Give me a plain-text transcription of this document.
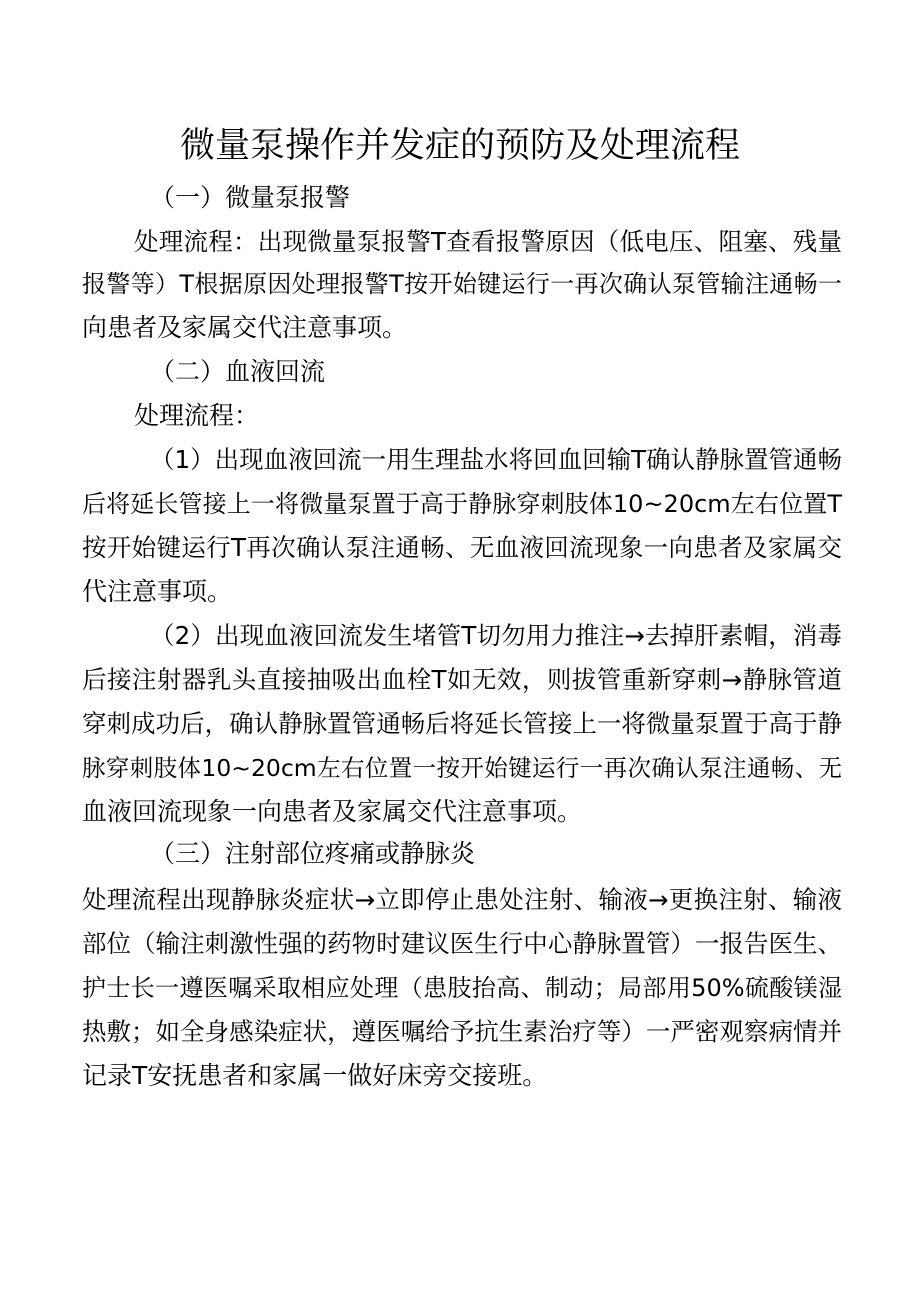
微量泵操作并发症的预防及处理流程
（一）微量泵报警
处理流程：出现微量泵报警T查看报警原因（低电压、阻塞、残量
报警等）T根据原因处理报警T按开始键运行一再次确认泵管输注通畅一
向患者及家属交代注意事项。
（二）血液回流
处理流程：
（1）出现血液回流一用生理盐水将回血回输T确认静脉置管通畅
后将延长管接上一将微量泵置于高于静脉穿刺肢体10~20cm左右位置T
按开始键运行T再次确认泵注通畅、无血液回流现象一向患者及家属交
代注意事项。
（2）出现血液回流发生堵管T切勿用力推注→去掉肝素帽，消毒
后接注射器乳头直接抽吸出血栓T如无效，则拔管重新穿刺→静脉管道
穿刺成功后，确认静脉置管通畅后将延长管接上一将微量泵置于高于静
脉穿刺肢体10~20cm左右位置一按开始键运行一再次确认泵注通畅、无
血液回流现象一向患者及家属交代注意事项。
（三）注射部位疼痛或静脉炎
处理流程出现静脉炎症状→立即停止患处注射、输液→更换注射、输液
部位（输注刺激性强的药物时建议医生行中心静脉置管）一报告医生、
护士长一遵医嘱采取相应处理（患肢抬高、制动；局部用50%硫酸镁湿
热敷；如全身感染症状，遵医嘱给予抗生素治疗等）一严密观察病情并
记录T安抚患者和家属一做好床旁交接班。
